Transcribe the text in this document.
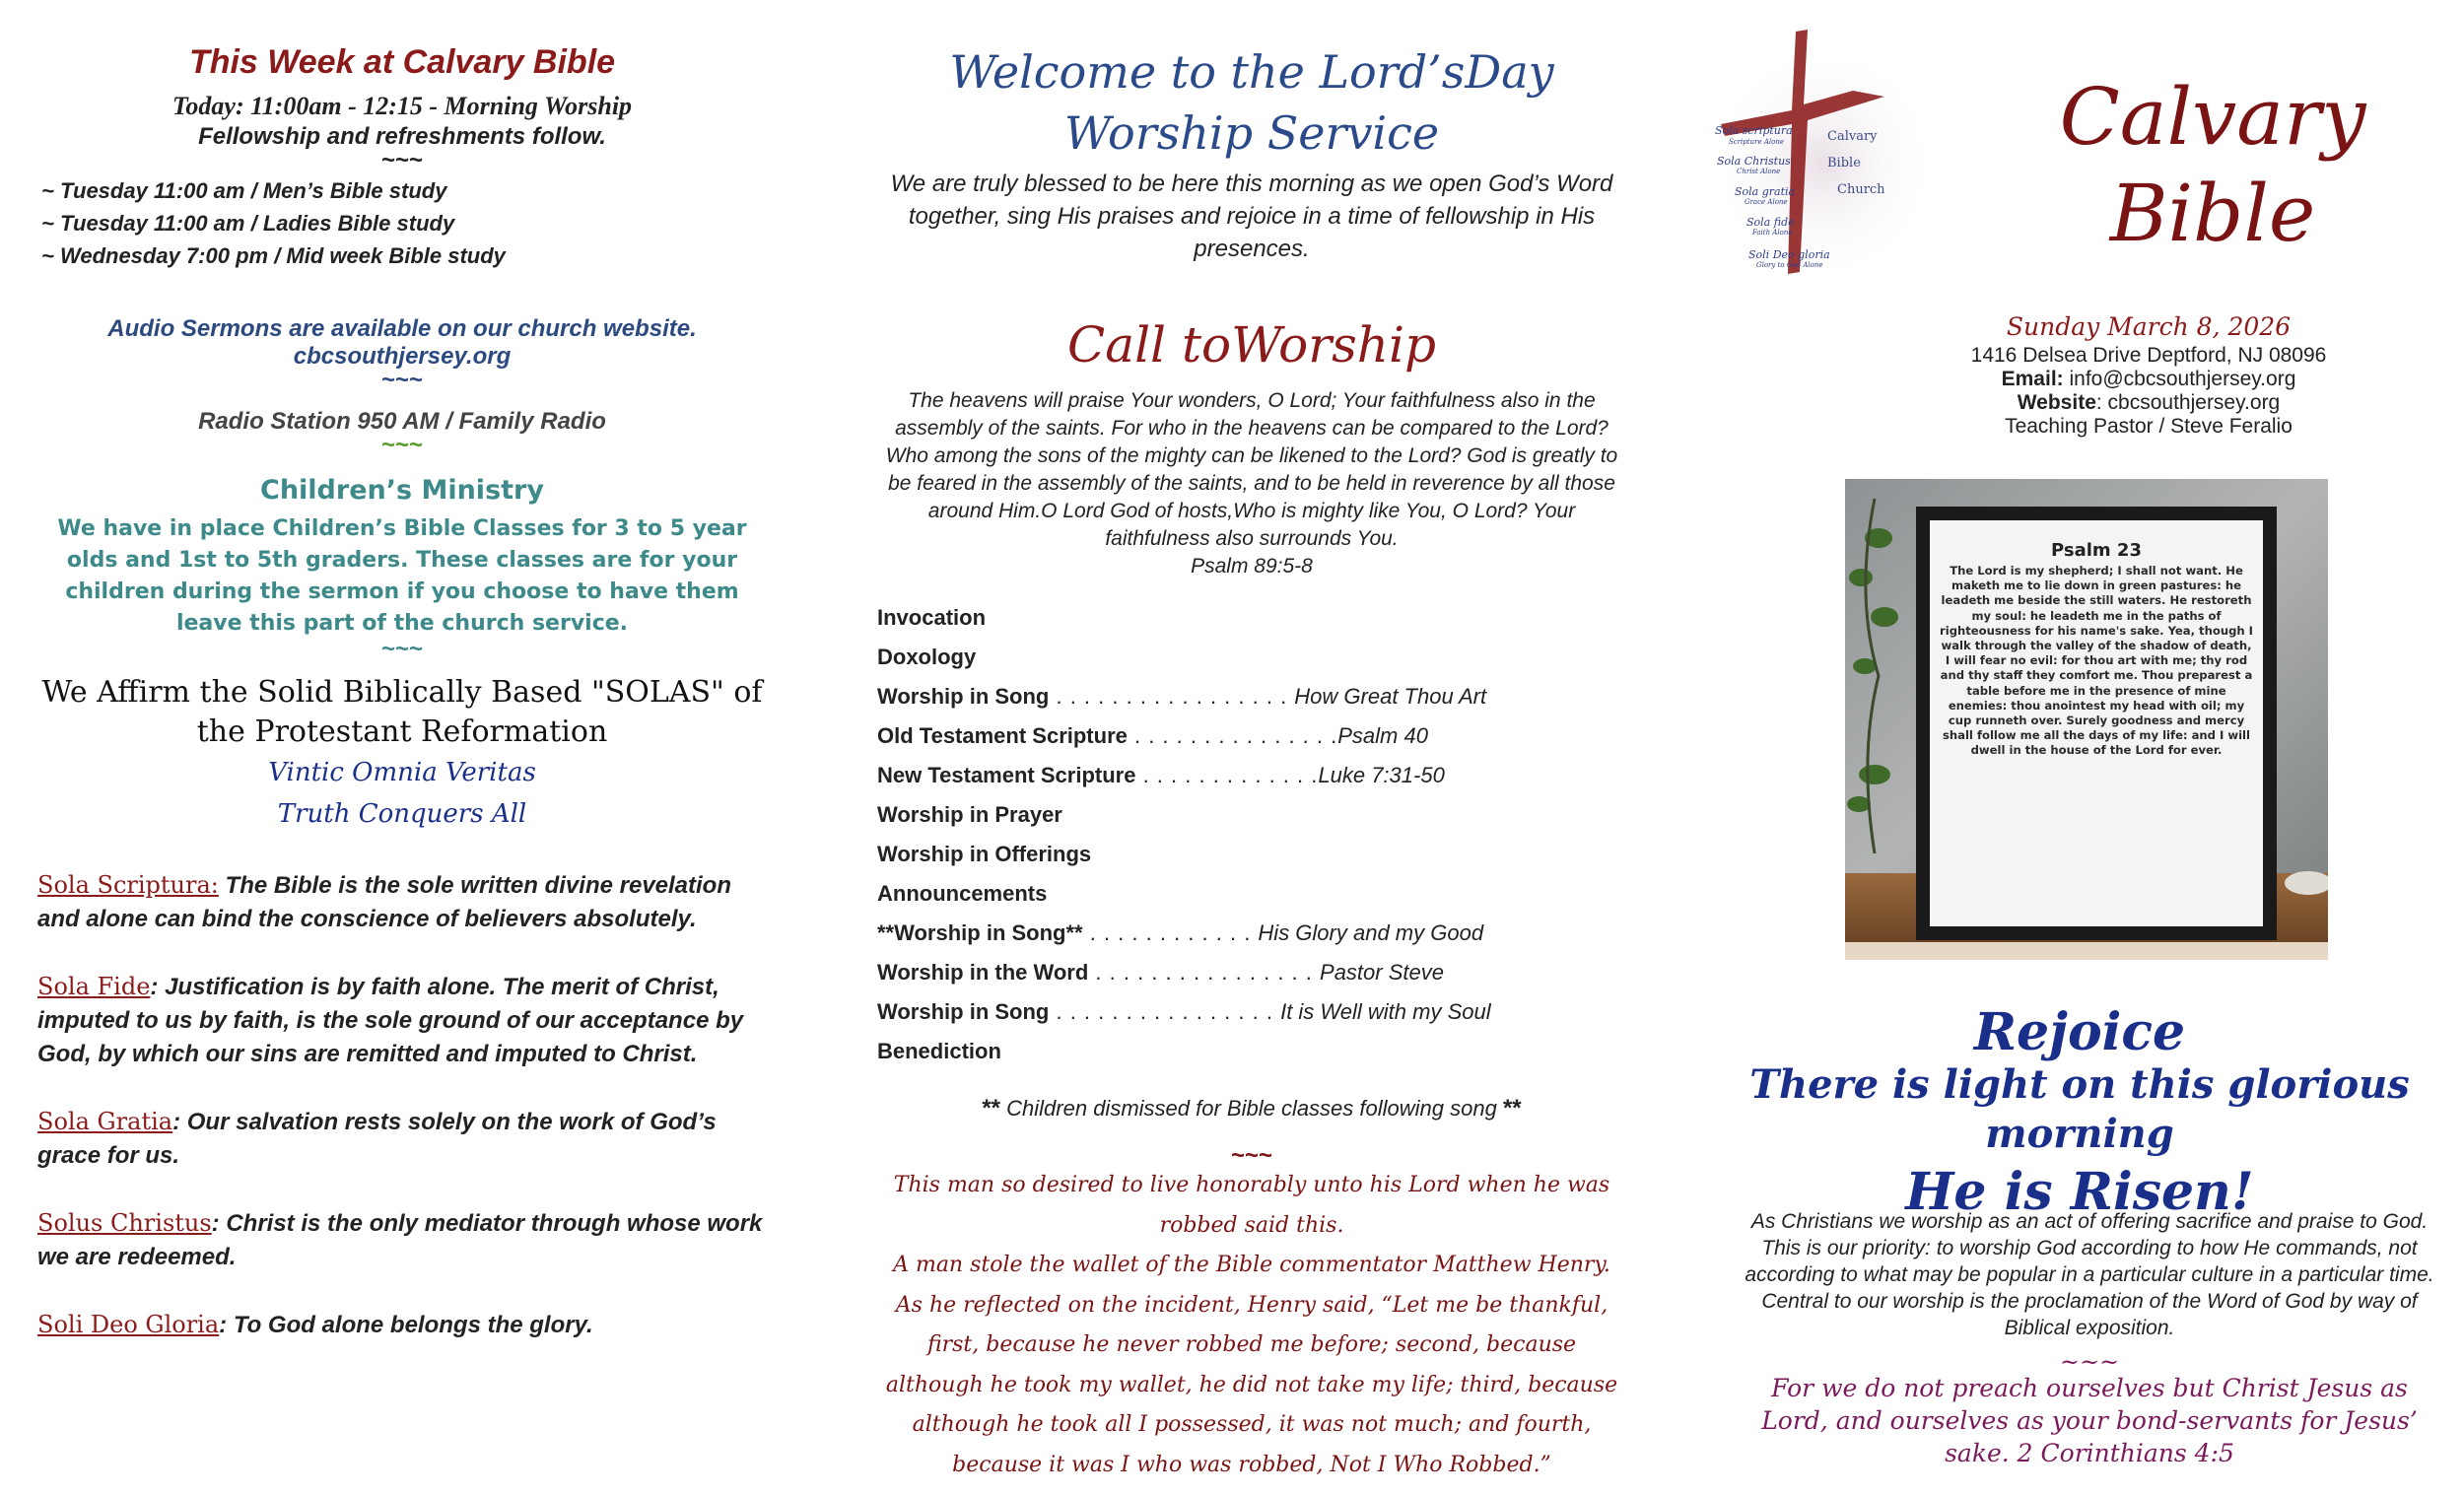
This Week at Calvary Bible
Today: 11:00am - 12:15 - Morning Worship
Fellowship and refreshments follow.
~~~
~ Tuesday 11:00 am / Men’s Bible study
~ Tuesday 11:00 am / Ladies Bible study
~ Wednesday 7:00 pm / Mid week Bible study
Audio Sermons are available on our church website.
cbcsouthjersey.org
~~~
Radio Station 950 AM / Family Radio
~~~
Children’s Ministry
We have in place Children’s Bible Classes for 3 to 5 year olds and 1st to 5th graders. These classes are for your children during the sermon if you choose to have them leave this part of the church service.
~~~
We Affirm the Solid Biblically Based "SOLAS" of the Protestant Reformation
Vintic Omnia Veritas
Truth Conquers All
Sola Scriptura: The Bible is the sole written divine revelation and alone can bind the conscience of believers absolutely.
Sola Fide: Justification is by faith alone. The merit of Christ, imputed to us by faith, is the sole ground of our acceptance by God, by which our sins are remitted and imputed to Christ.
Sola Gratia: Our salvation rests solely on the work of God’s grace for us.
Solus Christus: Christ is the only mediator through whose work we are redeemed.
Soli Deo Gloria: To God alone belongs the glory.
Welcome to the Lord’sDay
Worship Service
We are truly blessed to be here this morning as we open God’s Word together, sing His praises and rejoice in a time of fellowship in His presences.
Call toWorship
The heavens will praise Your wonders, O Lord; Your faithfulness also in the assembly of the saints. For who in the heavens can be compared to the Lord? Who among the sons of the mighty can be likened to the Lord? God is greatly to be feared in the assembly of the saints, and to be held in reverence by all those around Him.O Lord God of hosts,Who is mighty like You, O Lord? Your faithfulness also surrounds You.
Psalm 89:5-8
Invocation
Doxology
Worship in Song . . . . . . . . . . . . . . . . . How Great Thou Art
Old Testament Scripture . . . . . . . . . . . . . . .Psalm 40
New Testament Scripture . . . . . . . . . . . . .Luke 7:31-50
Worship in Prayer
Worship in Offerings
Announcements
**Worship in Song** . . . . . . . . . . . . His Glory and my Good
Worship in the Word . . . . . . . . . . . . . . . . Pastor Steve
Worship in Song . . . . . . . . . . . . . . . . It is Well with my Soul
Benediction
** Children dismissed for Bible classes following song **
~~~
This man so desired to live honorably unto his Lord when he was robbed said this.
A man stole the wallet of the Bible commentator Matthew Henry. As he reflected on the incident, Henry said, “Let me be thankful, first, because he never robbed me before; second, because although he took my wallet, he did not take my life; third, because although he took all I possessed, it was not much; and fourth, because it was I who was robbed, Not I Who Robbed.”
Sola scriptura
Scripture Alone
Sola Christus
Christ Alone
Sola gratia
Grace Alone
Sola fide
Faith Alone
Soli Deo gloria
Glory to God Alone
Calvary
Bible
Church
Calvary
Bible
Sunday March 8, 2026
1416 Delsea Drive Deptford, NJ 08096
Email: info@cbcsouthjersey.org
Website: cbcsouthjersey.org
Teaching Pastor / Steve Feralio
Psalm 23
The Lord is my shepherd; I shall not want. He maketh me to lie down in green pastures: he leadeth me beside the still waters. He restoreth my soul: he leadeth me in the paths of righteousness for his name's sake. Yea, though I walk through the valley of the shadow of death, I will fear no evil: for thou art with me; thy rod and thy staff they comfort me. Thou preparest a table before me in the presence of mine enemies: thou anointest my head with oil; my cup runneth over. Surely goodness and mercy shall follow me all the days of my life: and I will dwell in the house of the Lord for ever.
Rejoice
There is light on this glorious morning
He is Risen!
As Christians we worship as an act of offering sacrifice and praise to God. This is our priority: to worship God according to how He commands, not according to what may be popular in a particular culture in a particular time. Central to our worship is the proclamation of the Word of God by way of Biblical exposition.
~~~
For we do not preach ourselves but Christ Jesus as Lord, and ourselves as your bond-servants for Jesus’ sake. 2 Corinthians 4:5
